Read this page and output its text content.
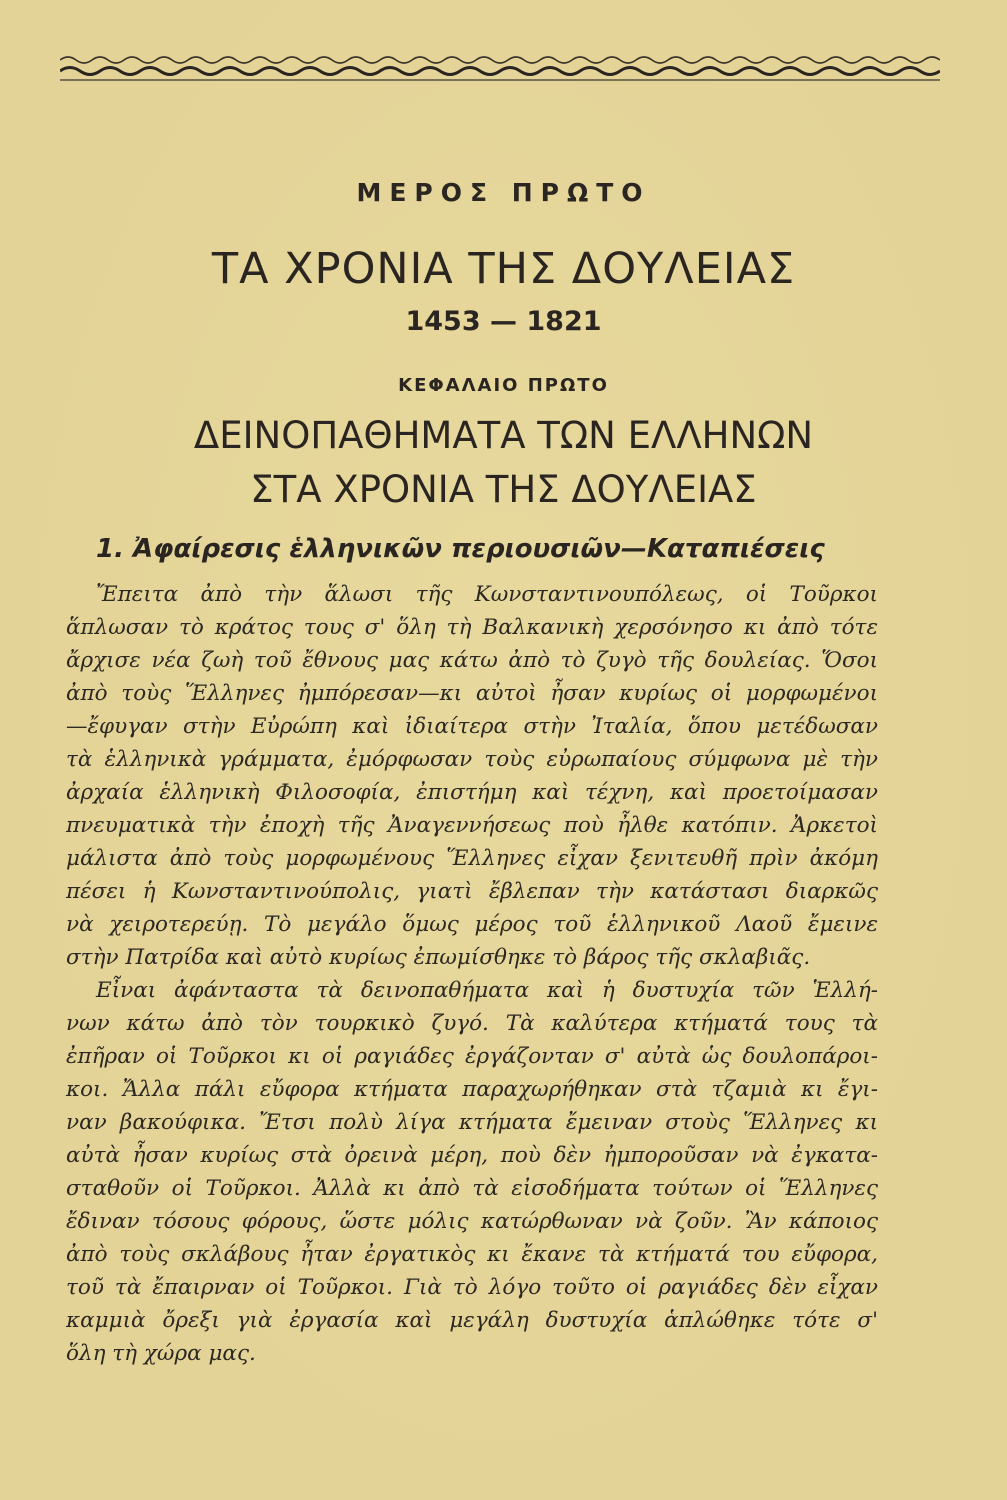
ΜΕΡΟΣ ΠΡΩΤΟ
ΤΑ ΧΡΟΝΙΑ ΤΗΣ ΔΟΥΛΕΙΑΣ
1453 — 1821
ΚΕΦΑΛΑΙΟ ΠΡΩΤΟ
ΔΕΙΝΟΠΑΘΗΜΑΤΑ ΤΩΝ ΕΛΛΗΝΩΝ
ΣΤΑ ΧΡΟΝΙΑ ΤΗΣ ΔΟΥΛΕΙΑΣ
1. Ἀφαίρεσις ἑλληνικῶν περιουσιῶν—Καταπιέσεις
Ἔπειτα ἀπὸ τὴν ἅλωσι τῆς Κωνσταντινουπόλεως, οἱ Τοῦρκοι
ἅπλωσαν τὸ κράτος τους σ' ὅλη τὴ Βαλκανικὴ χερσόνησο κι ἀπὸ τότε
ἄρχισε νέα ζωὴ τοῦ ἔθνους μας κάτω ἀπὸ τὸ ζυγὸ τῆς δουλείας. Ὅσοι
ἀπὸ τοὺς Ἕλληνες ἠμπόρεσαν—κι αὐτοὶ ἦσαν κυρίως οἱ μορφωμένοι
—ἔφυγαν στὴν Εὐρώπη καὶ ἰδιαίτερα στὴν Ἰταλία, ὅπου μετέδωσαν
τὰ ἑλληνικὰ γράμματα, ἐμόρφωσαν τοὺς εὐρωπαίους σύμφωνα μὲ τὴν
ἀρχαία ἑλληνικὴ Φιλοσοφία, ἐπιστήμη καὶ τέχνη, καὶ προετοίμασαν
πνευματικὰ τὴν ἐποχὴ τῆς Ἀναγεννήσεως ποὺ ἦλθε κατόπιν. Ἀρκετοὶ
μάλιστα ἀπὸ τοὺς μορφωμένους Ἕλληνες εἶχαν ξενιτευθῆ πρὶν ἀκόμη
πέσει ἡ Κωνσταντινούπολις, γιατὶ ἔβλεπαν τὴν κατάστασι διαρκῶς
νὰ χειροτερεύῃ. Τὸ μεγάλο ὅμως μέρος τοῦ ἑλληνικοῦ Λαοῦ ἔμεινε
στὴν Πατρίδα καὶ αὐτὸ κυρίως ἐπωμίσθηκε τὸ βάρος τῆς σκλαβιᾶς.
Εἶναι ἀφάνταστα τὰ δεινοπαθήματα καὶ ἡ δυστυχία τῶν Ἑλλή-
νων κάτω ἀπὸ τὸν τουρκικὸ ζυγό. Τὰ καλύτερα κτήματά τους τὰ
ἐπῆραν οἱ Τοῦρκοι κι οἱ ραγιάδες ἐργάζονταν σ' αὐτὰ ὡς δουλοπάροι-
κοι. Ἄλλα πάλι εὔφορα κτήματα παραχωρήθηκαν στὰ τζαμιὰ κι ἔγι-
ναν βακούφικα. Ἔτσι πολὺ λίγα κτήματα ἔμειναν στοὺς Ἕλληνες κι
αὐτὰ ἦσαν κυρίως στὰ ὀρεινὰ μέρη, ποὺ δὲν ἠμποροῦσαν νὰ ἐγκατα-
σταθοῦν οἱ Τοῦρκοι. Ἀλλὰ κι ἀπὸ τὰ εἰσοδήματα τούτων οἱ Ἕλληνες
ἔδιναν τόσους φόρους, ὥστε μόλις κατώρθωναν νὰ ζοῦν. Ἂν κάποιος
ἀπὸ τοὺς σκλάβους ἦταν ἐργατικὸς κι ἔκανε τὰ κτήματά του εὔφορα,
τοῦ τὰ ἔπαιρναν οἱ Τοῦρκοι. Γιὰ τὸ λόγο τοῦτο οἱ ραγιάδες δὲν εἶχαν
καμμιὰ ὄρεξι γιὰ ἐργασία καὶ μεγάλη δυστυχία ἁπλώθηκε τότε σ'
ὅλη τὴ χώρα μας.
